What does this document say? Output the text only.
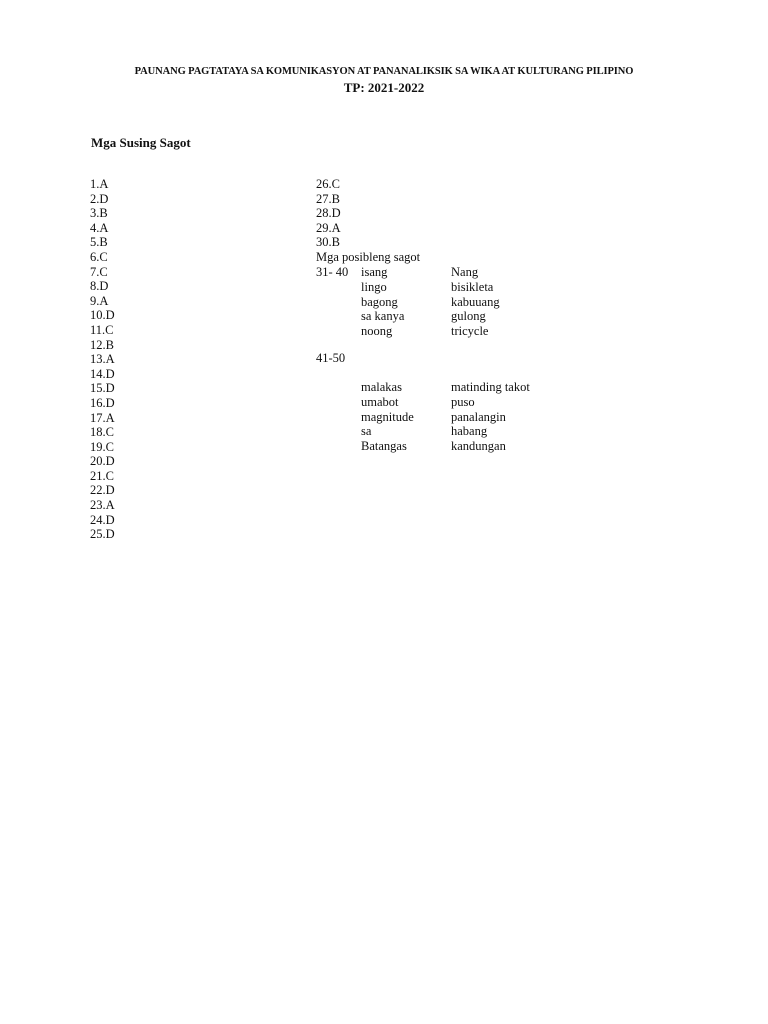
PAUNANG PAGTATAYA SA KOMUNIKASYON AT PANANALIKSIK SA WIKA AT KULTURANG PILIPINO
TP: 2021-2022
Mga Susing Sagot
1.A
2.D
3.B
4.A
5.B
6.C
7.C
8.D
9.A
10.D
11.C
12.B
13.A
14.D
15.D
16.D
17.A
18.C
19.C
20.D
21.C
22.D
23.A
24.D
25.D
26.C
27.B
28.D
29.A
30.B
Mga posibleng sagot
31- 40 isang
lingo
bagong
sa kanya
noong
Nang
bisikleta
kabuuang
gulong
tricycle
41-50
malakas
umabot
magnitude
sa
Batangas
matinding takot
puso
panalangin
habang
kandungan
